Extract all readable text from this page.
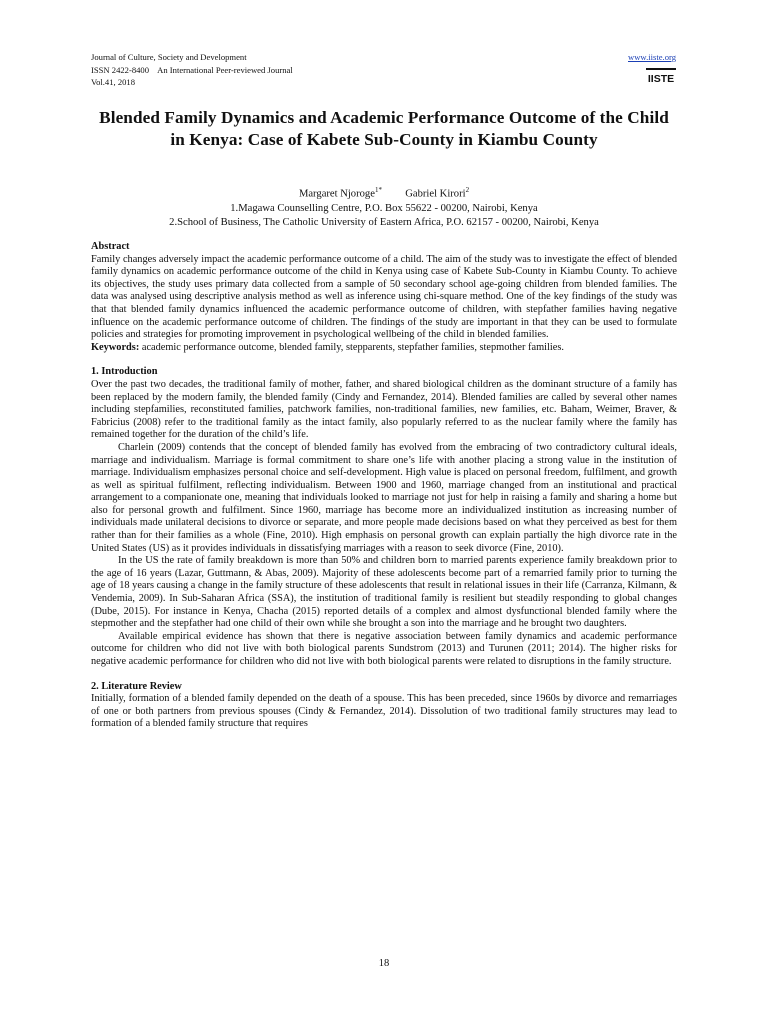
Journal of Culture, Society and Development
ISSN 2422-8400    An International Peer-reviewed Journal
Vol.41, 2018
www.iiste.org
IISTE
Blended Family Dynamics and Academic Performance Outcome of the Child in Kenya: Case of Kabete Sub-County in Kiambu County
Margaret Njoroge$^{1*}$ Gabriel Kirori$^2$
1.Magawa Counselling Centre, P.O. Box 55622 - 00200, Nairobi, Kenya
2.School of Business, The Catholic University of Eastern Africa, P.O. 62157 - 00200, Nairobi, Kenya
Abstract

Family changes adversely impact the academic performance outcome of a child. The aim of the study was to investigate the effect of blended family dynamics on academic performance outcome of the child in Kenya using case of Kabete Sub-County in Kiambu County. To achieve its objectives, the study uses primary data collected from a sample of 50 secondary school age-going children from blended families. The data was analysed using descriptive analysis method as well as inference using chi-square method. One of the key findings of the study was that that blended family dynamics influenced the academic performance outcome of children, with stepfather families having negative influence on the academic performance outcome of children. The findings of the study are important in that they can be used to formulate policies and strategies for promoting improvement in psychological wellbeing of the child in blended families.

Keywords: academic performance outcome, blended family, stepparents, stepfather families, stepmother families.

1. Introduction

Over the past two decades, the traditional family of mother, father, and shared biological children as the dominant structure of a family has been replaced by the modern family, the blended family (Cindy and Fernandez, 2014). Blended families are called by several other names including stepfamilies, reconstituted families, patchwork families, non-traditional families, new families, etc. Baham, Weimer, Braver, & Fabricius (2008) refer to the traditional family as the intact family, also popularly referred to as the nuclear family where the family has remained together for the duration of the child’s life.

Charlein (2009) contends that the concept of blended family has evolved from the embracing of two contradictory cultural ideals, marriage and individualism. Marriage is formal commitment to share one’s life with another placing a strong value in the institution of marriage. Individualism emphasizes personal choice and self-development. High value is placed on personal freedom, fulfilment, and growth as well as spiritual fulfilment, reflecting individualism. Between 1900 and 1960, marriage changed from an institutional and practical arrangement to a companionate one, meaning that individuals looked to marriage not just for help in raising a family and sharing a home but also for personal growth and fulfilment. Since 1960, marriage has become more an individualized institution as increasing number of individuals made unilateral decisions to divorce or separate, and more people made decisions based on what they perceived as best for them rather than for their families as a whole (Fine, 2010). High emphasis on personal growth can explain partially the high divorce rate in the United States (US) as it provides individuals in dissatisfying marriages with a reason to seek divorce (Fine, 2010).

In the US the rate of family breakdown is more than 50% and children born to married parents experience family breakdown prior to the age of 16 years (Lazar, Guttmann, & Abas, 2009). Majority of these adolescents become part of a remarried family prior to turning the age of 18 years causing a change in the family structure of these adolescents that result in relational issues in their life (Carranza, Kilmann, & Vendemia, 2009). In Sub-Saharan Africa (SSA), the institution of traditional family is resilient but steadily responding to global changes (Dube, 2015). For instance in Kenya, Chacha (2015) reported details of a complex and almost dysfunctional blended family where the stepmother and the stepfather had one child of their own while she brought a son into the marriage and he brought two daughters.

Available empirical evidence has shown that there is negative association between family dynamics and academic performance outcome for children who did not live with both biological parents Sundstrom (2013) and Turunen (2011; 2014). The higher risks for negative academic performance for children who did not live with both biological parents were related to disruptions in the family structure.

2. Literature Review

Initially, formation of a blended family depended on the death of a spouse. This has been preceded, since 1960s by divorce and remarriages of one or both partners from previous spouses (Cindy & Fernandez, 2014). Dissolution of two traditional family structures may lead to formation of a blended family structure that requires

18
